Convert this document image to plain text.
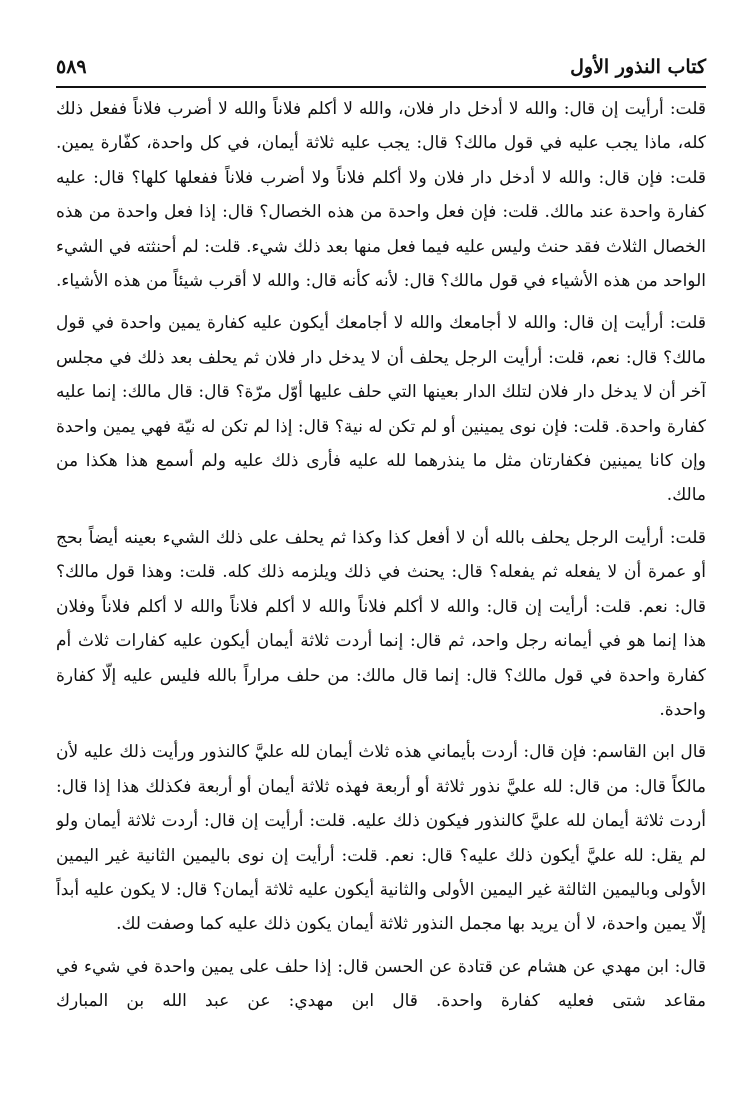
كتاب النذور الأول
٥٨٩

قلت: أرأيت إن قال: والله لا أدخل دار فلان، والله لا أكلم فلاناً والله لا أضرب فلاناً ففعل ذلك كله، ماذا يجب عليه في قول مالك؟ قال: يجب عليه ثلاثة أيمان، في كل واحدة، كفّارة يمين. قلت: فإن قال: والله لا أدخل دار فلان ولا أكلم فلاناً ولا أضرب فلاناً ففعلها كلها؟ قال: عليه كفارة واحدة عند مالك. قلت: فإن فعل واحدة من هذه الخصال؟ قال: إذا فعل واحدة من هذه الخصال الثلاث فقد حنث وليس عليه فيما فعل منها بعد ذلك شيء. قلت: لم أحنثته في الشيء الواحد من هذه الأشياء في قول مالك؟ قال: لأنه كأنه قال: والله لا أقرب شيئاً من هذه الأشياء.

قلت: أرأيت إن قال: والله لا أجامعك والله لا أجامعك أيكون عليه كفارة يمين واحدة في قول مالك؟ قال: نعم، قلت: أرأيت الرجل يحلف أن لا يدخل دار فلان ثم يحلف بعد ذلك في مجلس آخر أن لا يدخل دار فلان لتلك الدار بعينها التي حلف عليها أوّل مرّة؟ قال: قال مالك: إنما عليه كفارة واحدة. قلت: فإن نوى يمينين أو لم تكن له نية؟ قال: إذا لم تكن له نيّة فهي يمين واحدة وإن كانا يمينين فكفارتان مثل ما ينذرهما لله عليه فأرى ذلك عليه ولم أسمع هذا هكذا من مالك.

قلت: أرأيت الرجل يحلف بالله أن لا أفعل كذا وكذا ثم يحلف على ذلك الشيء بعينه أيضاً بحج أو عمرة أن لا يفعله ثم يفعله؟ قال: يحنث في ذلك ويلزمه ذلك كله. قلت: وهذا قول مالك؟ قال: نعم. قلت: أرأيت إن قال: والله لا أكلم فلاناً والله لا أكلم فلاناً والله لا أكلم فلاناً وفلان هذا إنما هو في أيمانه رجل واحد، ثم قال: إنما أردت ثلاثة أيمان أيكون عليه كفارات ثلاث أم كفارة واحدة في قول مالك؟ قال: إنما قال مالك: من حلف مراراً بالله فليس عليه إلّا كفارة واحدة.

قال ابن القاسم: فإن قال: أردت بأيماني هذه ثلاث أيمان لله عليَّ كالنذور ورأيت ذلك عليه لأن مالكاً قال: من قال: لله عليَّ نذور ثلاثة أو أربعة فهذه ثلاثة أيمان أو أربعة فكذلك هذا إذا قال: أردت ثلاثة أيمان لله عليَّ كالنذور فيكون ذلك عليه. قلت: أرأيت إن قال: أردت ثلاثة أيمان ولو لم يقل: لله عليَّ أيكون ذلك عليه؟ قال: نعم. قلت: أرأيت إن نوى باليمين الثانية غير اليمين الأولى وباليمين الثالثة غير اليمين الأولى والثانية أيكون عليه ثلاثة أيمان؟ قال: لا يكون عليه أبداً إلّا يمين واحدة، لا أن يريد بها مجمل النذور ثلاثة أيمان يكون ذلك عليه كما وصفت لك.

قال: ابن مهدي عن هشام عن قتادة عن الحسن قال: إذا حلف على يمين واحدة في شيء في مقاعد شتى فعليه كفارة واحدة. قال ابن مهدي: عن عبد الله بن المبارك
